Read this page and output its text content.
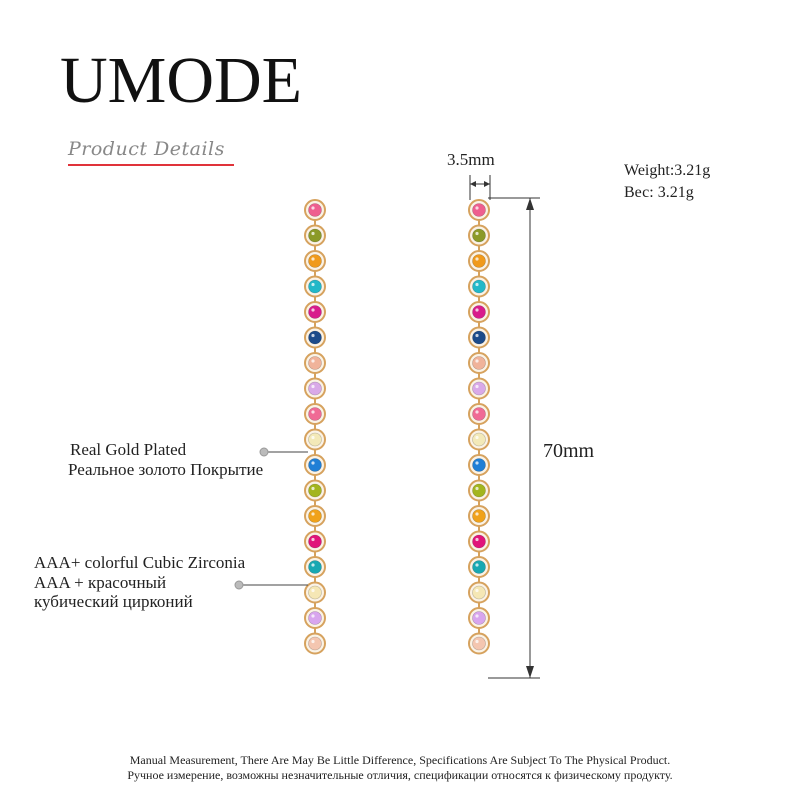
UMODE
Product Details
Real Gold Plated
Реальное золото Покрытие
AAA+ colorful Cubic Zirconia
AAA + красочный
кубический цирконий
3.5mm
70mm
Weight:3.21g
Вес: 3.21g
Manual Measurement, There Are May Be Little Difference, Specifications Are Subject To The Physical Product.
Ручное измерение, возможны незначительные отличия, спецификации относятся к физическому продукту.
